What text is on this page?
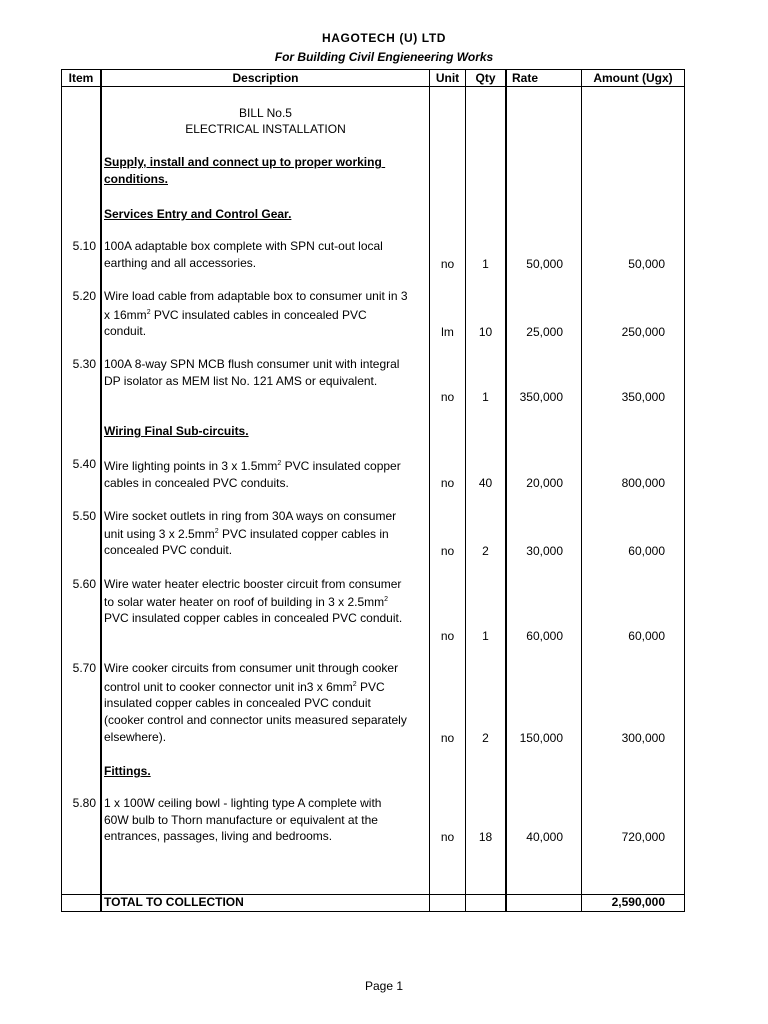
HAGOTECH (U) LTD
For Building Civil Engieneering Works
Item	Description	Unit	Qty	Rate	Amount (Ugx)
BILL No.5
ELECTRICAL INSTALLATION
Supply, install and connect up to proper working
conditions.
Services Entry and Control Gear.
5.10 100A adaptable box complete with SPN cut-out local
earthing and all accessories.	no	1	50,000	50,000
5.20 Wire load cable from adaptable box to consumer unit in 3
x $16mm^2$ PVC insulated cables in concealed PVC
conduit.	lm	10	25,000	250,000
5.30 100A 8-way SPN MCB flush consumer unit with integral
DP isolator as MEM list No. 121 AMS or equivalent.
no	1	350,000	350,000
Wiring Final Sub-circuits.
5.40 Wire lighting points in 3 x $1.5mm^2$ PVC insulated copper
cables in concealed PVC conduits.	no	40	20,000	800,000
5.50 Wire socket outlets in ring from 30A ways on consumer
unit using 3 x $2.5mm^2$ PVC insulated copper cables in
concealed PVC conduit.	no	2	30,000	60,000
5.60 Wire water heater electric booster circuit from consumer
to solar water heater on roof of building in 3 x $2.5mm^2$
PVC insulated copper cables in concealed PVC conduit.
no	1	60,000	60,000
5.70 Wire cooker circuits from consumer unit through cooker
control unit to cooker connector unit in3 x $6mm^2$ PVC
insulated copper cables in concealed PVC conduit
(cooker control and connector units measured separately
elsewhere).	no	2	150,000	300,000
Fittings.
5.80 1 x 100W ceiling bowl - lighting type A complete with
60W bulb to Thorn manufacture or equivalent at the
entrances, passages, living and bedrooms.	no	18	40,000	720,000
TOTAL TO COLLECTION	2,590,000
Page 1
